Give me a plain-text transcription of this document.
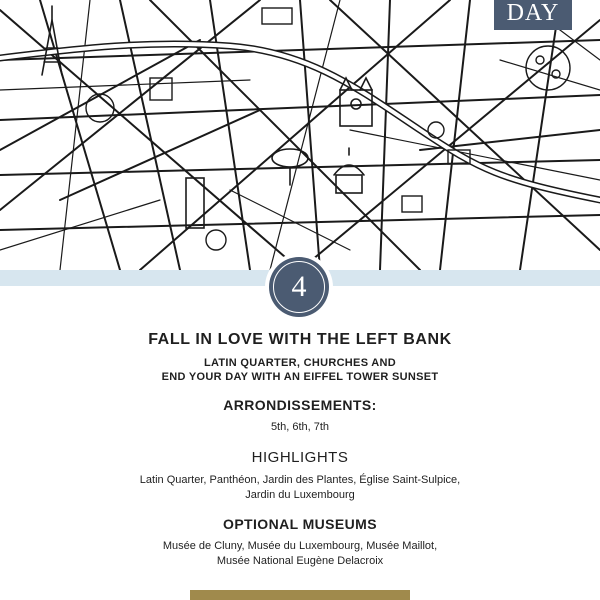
DAY
4
FALL IN LOVE WITH THE LEFT BANK
LATIN QUARTER, CHURCHES AND
END YOUR DAY WITH AN EIFFEL TOWER SUNSET
ARRONDISSEMENTS:
5th, 6th, 7th
HIGHLIGHTS
Latin Quarter, Panthéon, Jardin des Plantes, Église Saint-Sulpice,
Jardin du Luxembourg
OPTIONAL MUSEUMS
Musée de Cluny, Musée du Luxembourg, Musée Maillot,
Musée National Eugène Delacroix
